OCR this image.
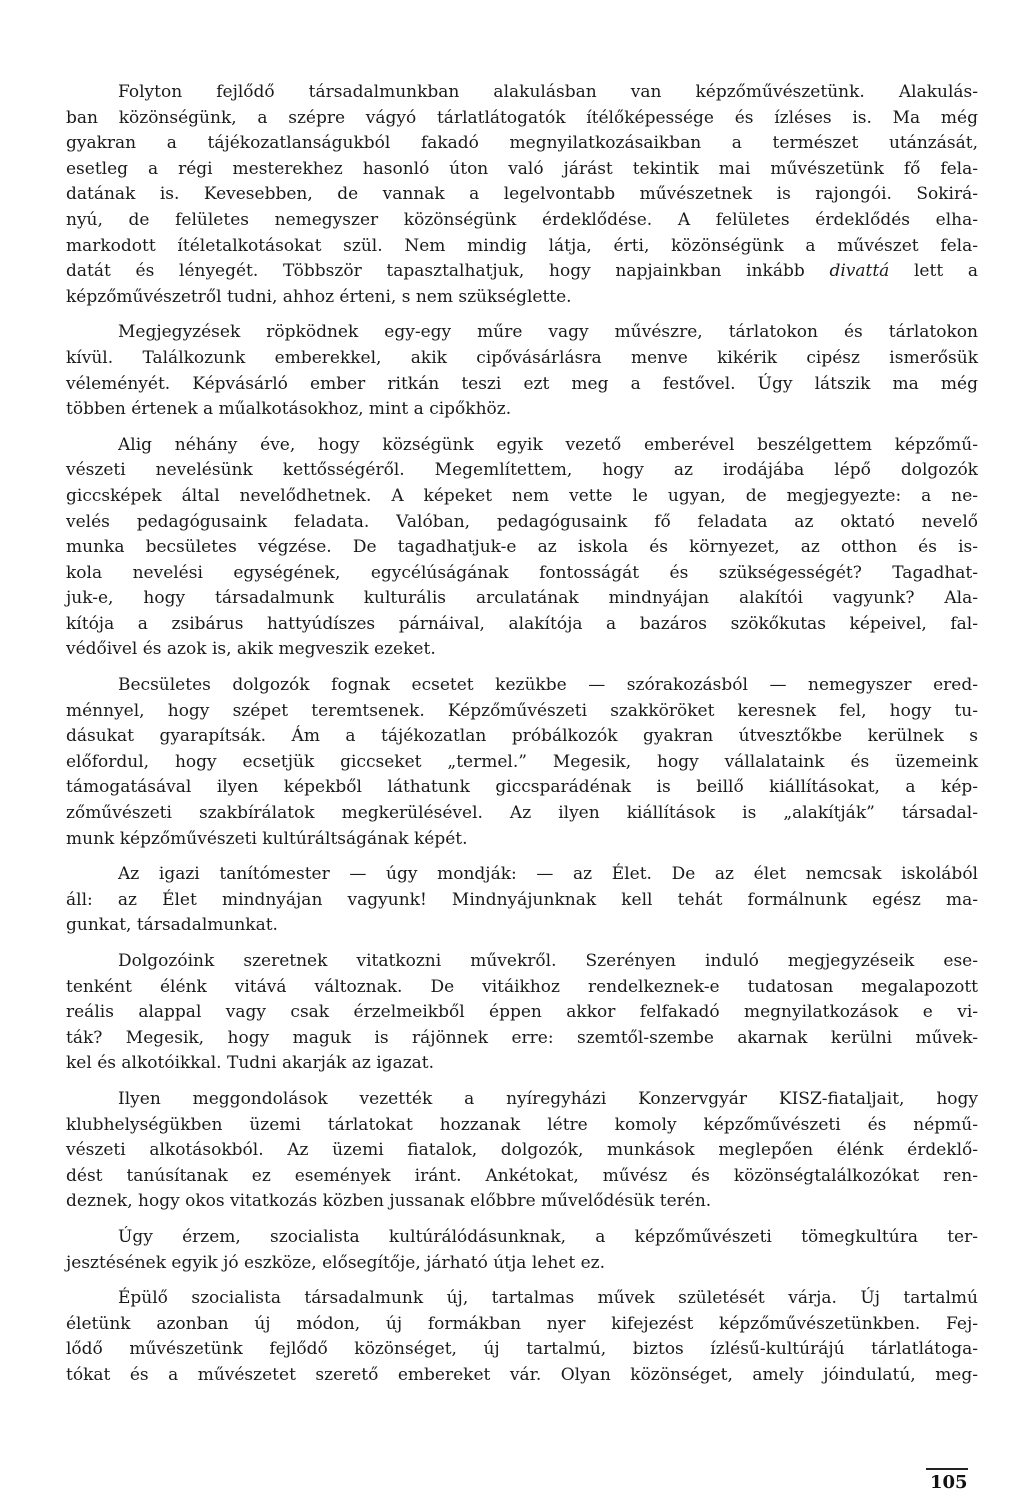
Folyton fejlődő társadalmunkban alakulásban van képzőművészetünk. Alakulás-
ban közönségünk, a szépre vágyó tárlatlátogatók ítélőképessége és ízléses is. Ma még
gyakran a tájékozatlanságukból fakadó megnyilatkozásaikban a természet utánzását,
esetleg a régi mesterekhez hasonló úton való járást tekintik mai művészetünk fő fela-
datának is. Kevesebben, de vannak a legelvontabb művészetnek is rajongói. Sokirá-
nyú, de felületes nemegyszer közönségünk érdeklődése. A felületes érdeklődés elha-
markodott ítéletalkotásokat szül. Nem mindig látja, érti, közönségünk a művészet fela-
datát és lényegét. Többször tapasztalhatjuk, hogy napjainkban inkább divattá lett a
képzőművészetről tudni, ahhoz érteni, s nem szükséglette.

Megjegyzések röpködnek egy-egy műre vagy művészre, tárlatokon és tárlatokon
kívül. Találkozunk emberekkel, akik cipővásárlásra menve kikérik cipész ismerősük
véleményét. Képvásárló ember ritkán teszi ezt meg a festővel. Úgy látszik ma még
többen értenek a műalkotásokhoz, mint a cipőkhöz.

Alig néhány éve, hogy községünk egyik vezető emberével beszélgettem képzőmű-
vészeti nevelésünk kettősségéről. Megemlítettem, hogy az irodájába lépő dolgozók
giccsképek által nevelődhetnek. A képeket nem vette le ugyan, de megjegyezte: a ne-
velés pedagógusaink feladata. Valóban, pedagógusaink fő feladata az oktató nevelő
munka becsületes végzése. De tagadhatjuk-e az iskola és környezet, az otthon és is-
kola nevelési egységének, egycélúságának fontosságát és szükségességét? Tagadhat-
juk-e, hogy társadalmunk kulturális arculatának mindnyájan alakítói vagyunk? Ala-
kítója a zsibárus hattyúdíszes párnáival, alakítója a bazáros szökőkutas képeivel, fal-
védőivel és azok is, akik megveszik ezeket.

Becsületes dolgozók fognak ecsetet kezükbe — szórakozásból — nemegyszer ered-
ménnyel, hogy szépet teremtsenek. Képzőművészeti szakköröket keresnek fel, hogy tu-
dásukat gyarapítsák. Ám a tájékozatlan próbálkozók gyakran útvesztőkbe kerülnek s
előfordul, hogy ecsetjük giccseket „termel.” Megesik, hogy vállalataink és üzemeink
támogatásával ilyen képekből láthatunk giccsparádénak is beillő kiállításokat, a kép-
zőművészeti szakbírálatok megkerülésével. Az ilyen kiállítások is „alakítják” társadal-
munk képzőművészeti kultúráltságának képét.

Az igazi tanítómester — úgy mondják: — az Élet. De az élet nemcsak iskolából
áll: az Élet mindnyájan vagyunk! Mindnyájunknak kell tehát formálnunk egész ma-
gunkat, társadalmunkat.

Dolgozóink szeretnek vitatkozni művekről. Szerényen induló megjegyzéseik ese-
tenként élénk vitává változnak. De vitáikhoz rendelkeznek-e tudatosan megalapozott
reális alappal vagy csak érzelmeikből éppen akkor felfakadó megnyilatkozások e vi-
ták? Megesik, hogy maguk is rájönnek erre: szemtől-szembe akarnak kerülni művek-
kel és alkotóikkal. Tudni akarják az igazat.

Ilyen meggondolások vezették a nyíregyházi Konzervgyár KISZ-fiataljait, hogy
klubhelységükben üzemi tárlatokat hozzanak létre komoly képzőművészeti és népmű-
vészeti alkotásokból. Az üzemi fiatalok, dolgozók, munkások meglepően élénk érdeklő-
dést tanúsítanak ez események iránt. Ankétokat, művész és közönségtalálkozókat ren-
deznek, hogy okos vitatkozás közben jussanak előbbre művelődésük terén.

Úgy érzem, szocialista kultúrálódásunknak, a képzőművészeti tömegkultúra ter-
jesztésének egyik jó eszköze, elősegítője, járható útja lehet ez.

Épülő szocialista társadalmunk új, tartalmas művek születését várja. Új tartalmú
életünk azonban új módon, új formákban nyer kifejezést képzőművészetünkben. Fej-
lődő művészetünk fejlődő közönséget, új tartalmú, biztos ízlésű-kultúrájú tárlatlátoga-
tókat és a művészetet szerető embereket vár. Olyan közönséget, amely jóindulatú, meg-

105
